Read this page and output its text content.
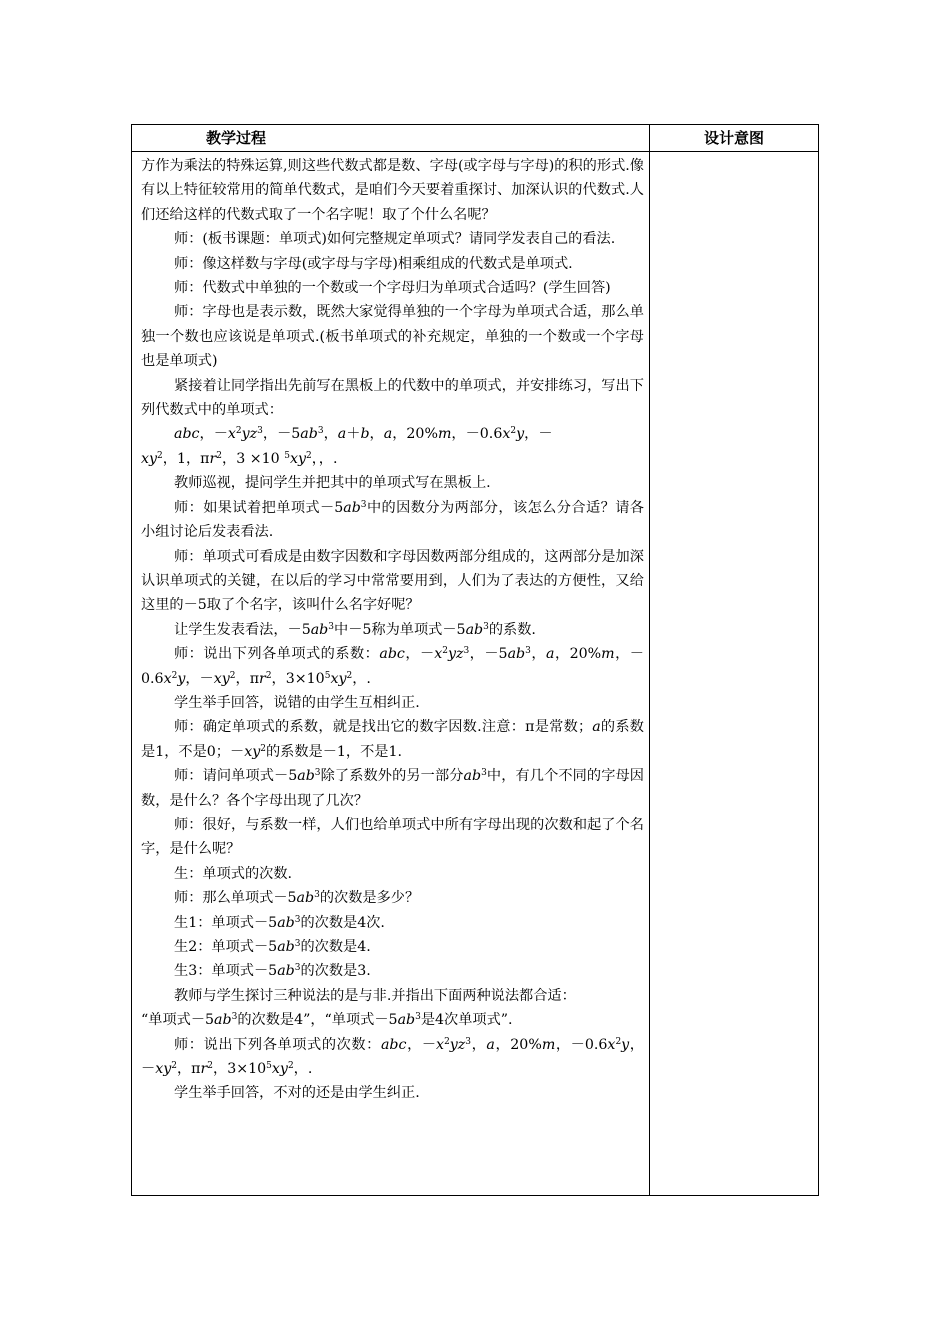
教学过程	设计意图

方作为乘法的特殊运算,则这些代数式都是数、字母(或字母与字母)的积的形式.像有以上特征较常用的简单代数式，是咱们今天要着重探讨、加深认识的代数式.人们还给这样的代数式取了一个名字呢！取了个什么名呢？

师：(板书课题：单项式)如何完整规定单项式？请同学发表自己的看法.

师：像这样数与字母(或字母与字母)相乘组成的代数式是单项式.

师：代数式中单独的一个数或一个字母归为单项式合适吗？(学生回答)

师：字母也是表示数，既然大家觉得单独的一个字母为单项式合适，那么单独一个数也应该说是单项式.(板书单项式的补充规定，单独的一个数或一个字母也是单项式)

紧接着让同学指出先前写在黑板上的代数中的单项式，并安排练习，写出下列代数式中的单项式：

abc，$-x^2yz^3$，$-5ab^3$，a＋b，a，20%m，$-0.6x^2y$，－
$xy^2$，1，$\pi r^2$，3 ×10 $^5xy^2$，，.

教师巡视，提问学生并把其中的单项式写在黑板上.

师：如果试着把单项式$-5ab^3$中的因数分为两部分，该怎么分合适？请各小组讨论后发表看法.

师：单项式可看成是由数字因数和字母因数两部分组成的，这两部分是加深认识单项式的关键，在以后的学习中常常要用到，人们为了表达的方便性，又给这里的－5取了个名字，该叫什么名字好呢？

让学生发表看法，$-5ab^3$中－5称为单项式$-5ab^3$的系数.

师：说出下列各单项式的系数：abc，$-x^2yz^3$，$-5ab^3$，a，20%m，$-0.6x^2y$，$-xy^2$，$\pi r^2$，$3\times 10^5xy^2$，.

学生举手回答，说错的由学生互相纠正.

师：确定单项式的系数，就是找出它的数字因数.注意：π是常数；a的系数是1，不是0；$-xy^2$的系数是－1，不是1.

师：请问单项式$-5ab^3$除了系数外的另一部分$ab^3$中，有几个不同的字母因数，是什么？各个字母出现了几次？

师：很好，与系数一样，人们也给单项式中所有字母出现的次数和起了个名字，是什么呢？

生：单项式的次数.

师：那么单项式$-5ab^3$的次数是多少？

生1：单项式$-5ab^3$的次数是4次.

生2：单项式$-5ab^3$的次数是4.

生3：单项式$-5ab^3$的次数是3.

教师与学生探讨三种说法的是与非.并指出下面两种说法都合适：
“单项式$-5ab^3$的次数是4”，“单项式$-5ab^3$是4次单项式”.

师：说出下列各单项式的次数：abc，$-x^2yz^3$，a，20%m，$-0.6x^2y$，$-xy^2$，$\pi r^2$，$3\times 10^5xy^2$，.

学生举手回答，不对的还是由学生纠正.
